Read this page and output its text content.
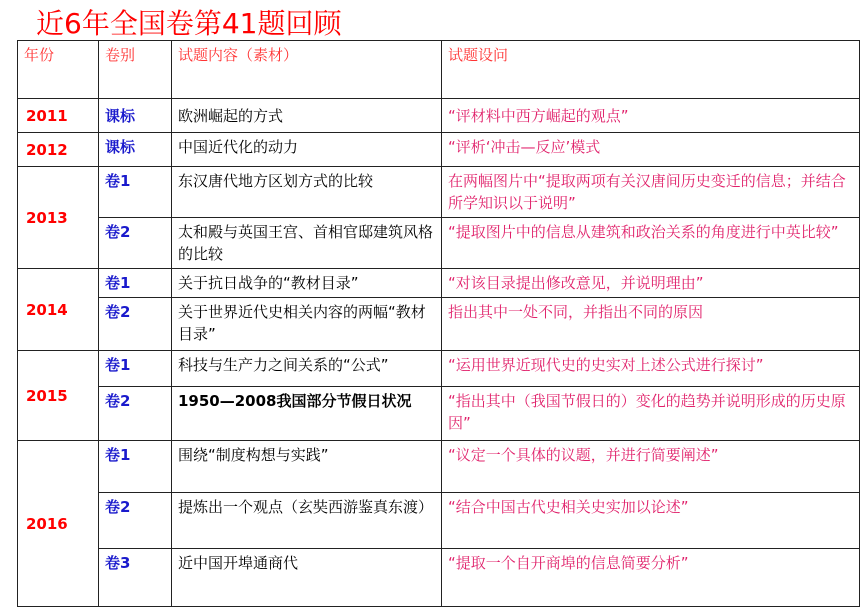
近6年全国卷第41题回顾
年份	卷别	试题内容（素材）	试题设问
2011	课标	欧洲崛起的方式	“评材料中西方崛起的观点”
2012	课标	中国近代化的动力	“评析‘冲击—反应’模式
2013	卷1	东汉唐代地方区划方式的比较	在两幅图片中“提取两项有关汉唐间历史变迁的信息；并结合所学知识以于说明”
	卷2	太和殿与英国王宫、首相官邸建筑风格的比较	“提取图片中的信息从建筑和政治关系的角度进行中英比较”
2014	卷1	关于抗日战争的“教材目录”	“对该目录提出修改意见，并说明理由”
	卷2	关于世界近代史相关内容的两幅“教材目录”	指出其中一处不同，并指出不同的原因
2015	卷1	科技与生产力之间关系的“公式”	“运用世界近现代史的史实对上述公式进行探讨”
	卷2	1950—2008我国部分节假日状况	“指出其中（我国节假日的）变化的趋势并说明形成的历史原因”
2016	卷1	围绕“制度构想与实践”	“议定一个具体的议题，并进行简要阐述”
	卷2	提炼出一个观点（玄奘西游鉴真东渡）	“结合中国古代史相关史实加以论述”
	卷3	近中国开埠通商代	“提取一个自开商埠的信息简要分析”
